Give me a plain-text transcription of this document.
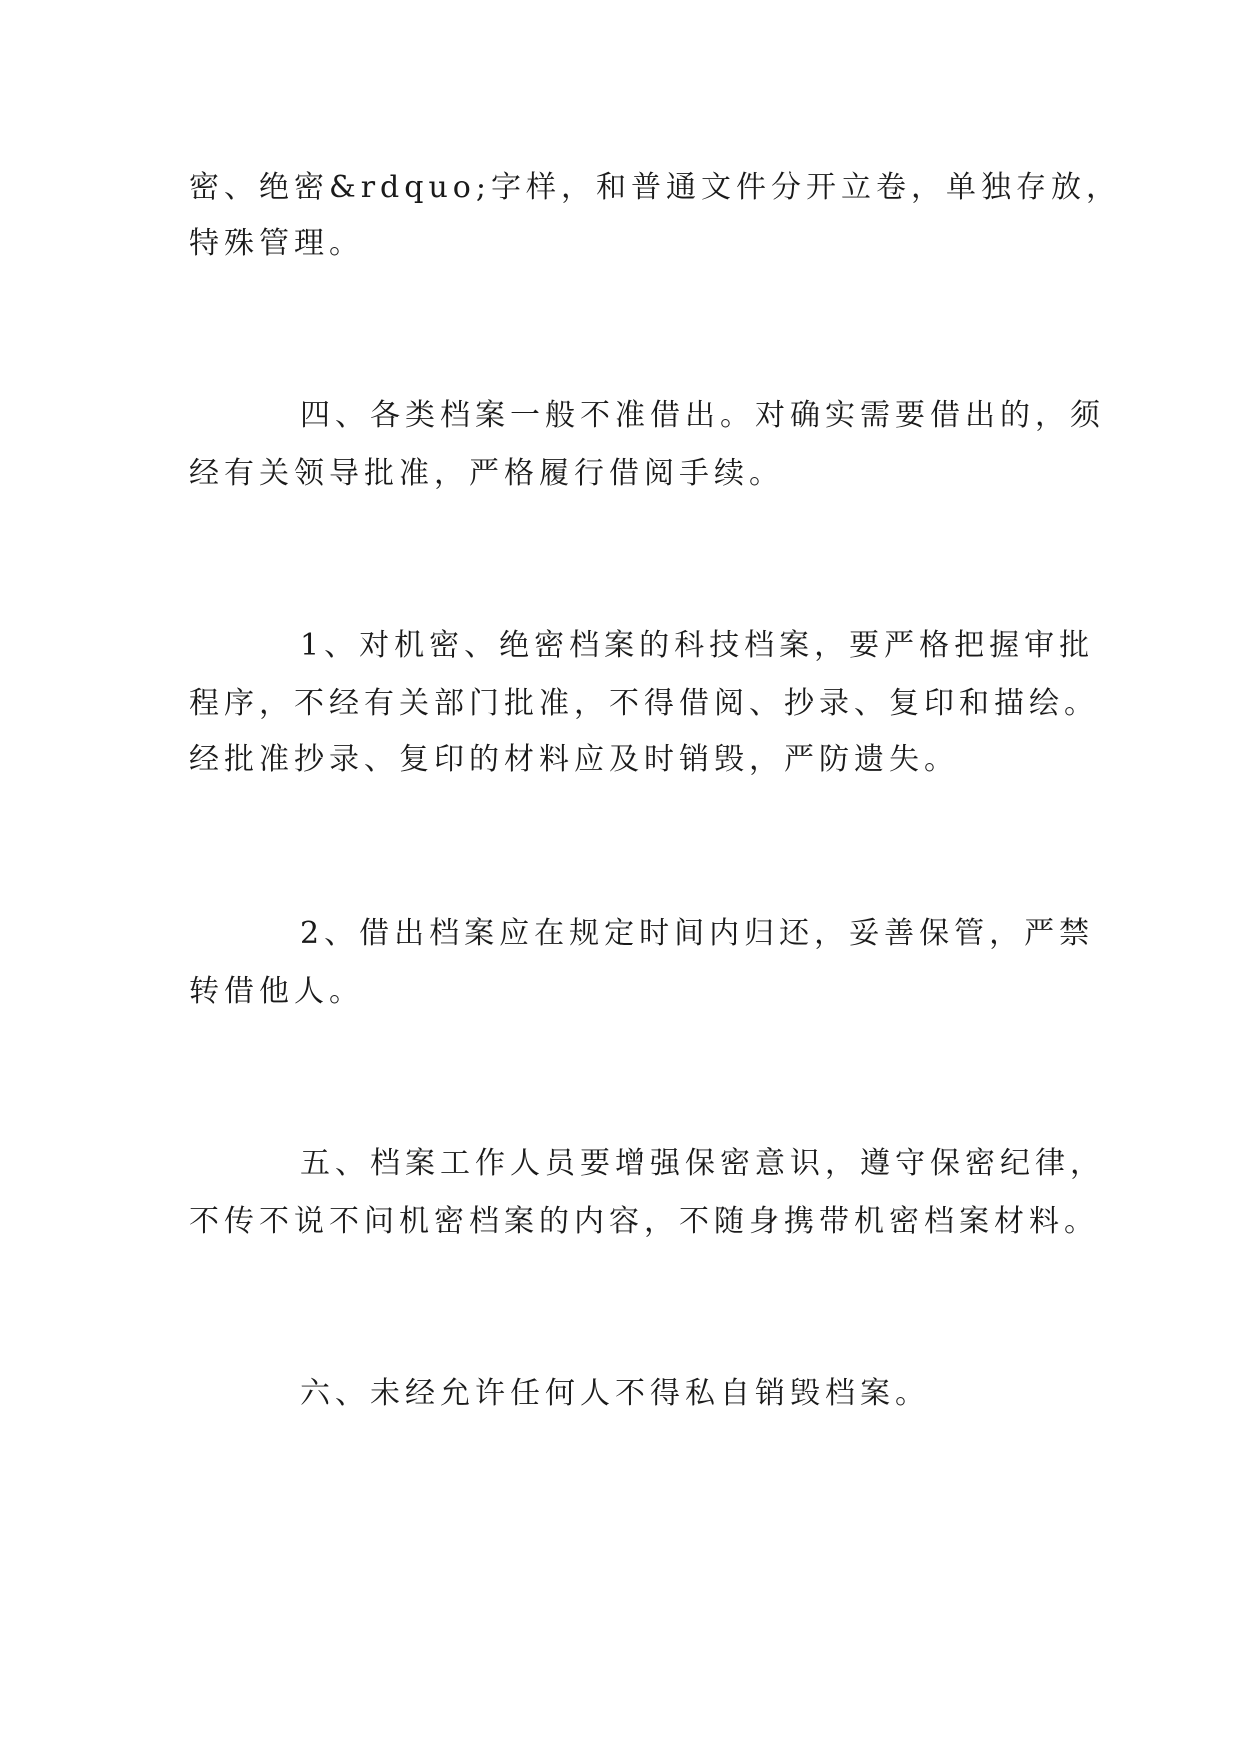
密、绝密&rdquo;字样，和普通文件分开立卷，单独存放，
特殊管理。
四、各类档案一般不准借出。对确实需要借出的，须
经有关领导批准，严格履行借阅手续。
1、对机密、绝密档案的科技档案，要严格把握审批
程序，不经有关部门批准，不得借阅、抄录、复印和描绘。
经批准抄录、复印的材料应及时销毁，严防遗失。
2、借出档案应在规定时间内归还，妥善保管，严禁
转借他人。
五、档案工作人员要增强保密意识，遵守保密纪律，
不传不说不问机密档案的内容，不随身携带机密档案材料。
六、未经允许任何人不得私自销毁档案。
